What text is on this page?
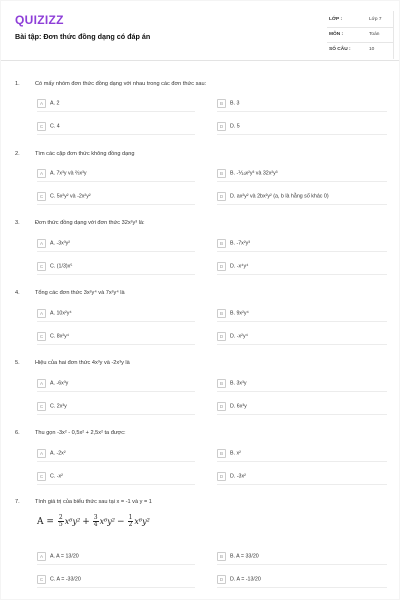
QUIZIZZ
Bài tập: Đơn thức đồng dạng có đáp án
LỚP :	Lớp 7
MÔN :	Toán
SỐ CÂU :	10
1.	Có mấy nhóm đơn thức đồng dạng với nhau trong các đơn thức sau:
A A. 2	B B. 3
C C. 4	D D. 5
2.	Tìm các cặp đơn thức không đồng dạng
A A. 7x³y và ⅔x³y	B B. -⅒x²y³ và 32x²y³
C C. 5x²y² và -2x²y²	D D. ax²y² và 2bx²y² (a, b là hằng số khác 0)
3.	Đơn thức đồng dạng với đơn thức 32x²y³ là:
A A. -3x³y²	B B. -7x²y³
C C. (1/3)x⁵	D D. -x⁴y⁴
4.	Tổng các đơn thức 3x²y⁴ và 7x²y⁴ là
A A. 10x²y⁴	B B. 9x²y⁴
C C. 8x²y⁴	D D. -x²y⁴
5.	Hiệu của hai đơn thức 4x³y và -2x³y là
A A. -6x³y	B B. 3x³y
C C. 2x³y	D D. 6x³y
6.	Thu gọn -3x² - 0,5x² + 2,5x² ta được:
A A. -2x²	B B. x²
C C. -x²	D D. -3x²
7.	Tính giá trị của biểu thức sau tại x = -1 và y = 1
$A = \frac{2}{5} x^6y^2 + \frac{3}{4} x^6y^2 - \frac{1}{2} x^6y^2$
A A. A = 13/20	B B. A = 33/20
C C. A = -33/20	D D. A = -13/20
